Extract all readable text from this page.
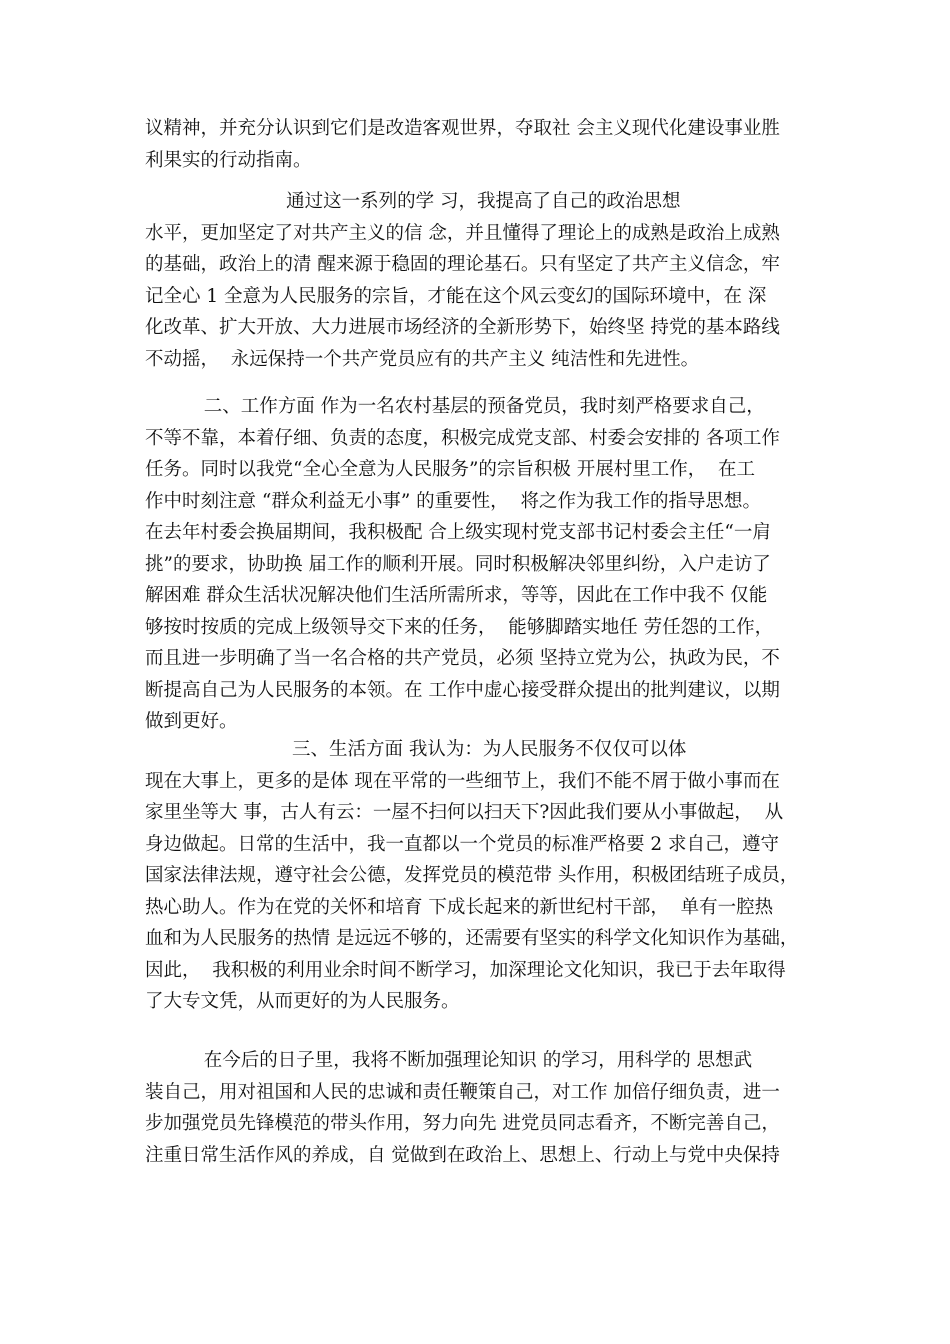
议精神，并充分认识到它们是改造客观世界，夺取社 会主义现代化建设事业胜
利果实的行动指南。
通过这一系列的学 习，我提高了自己的政治思想
水平，更加坚定了对共产主义的信 念，并且懂得了理论上的成熟是政治上成熟
的基础，政治上的清 醒来源于稳固的理论基石。只有坚定了共产主义信念，牢
记全心 1 全意为人民服务的宗旨，才能在这个风云变幻的国际环境中，在 深
化改革、扩大开放、大力进展市场经济的全新形势下，始终坚 持党的基本路线
不动摇，  永远保持一个共产党员应有的共产主义 纯洁性和先进性。
二、工作方面 作为一名农村基层的预备党员，我时刻严格要求自己，
不等不靠，本着仔细、负责的态度，积极完成党支部、村委会安排的 各项工作
任务。同时以我党“全心全意为人民服务”的宗旨积极 开展村里工作，  在工
作中时刻注意 “群众利益无小事” 的重要性，  将之作为我工作的指导思想。
在去年村委会换届期间，我积极配 合上级实现村党支部书记村委会主任“一肩
挑”的要求，协助换 届工作的顺利开展。同时积极解决邻里纠纷，入户走访了
解困难 群众生活状况解决他们生活所需所求，等等，因此在工作中我不 仅能
够按时按质的完成上级领导交下来的任务，  能够脚踏实地任 劳任怨的工作，
而且进一步明确了当一名合格的共产党员，必须 坚持立党为公，执政为民，不
断提高自己为人民服务的本领。在 工作中虚心接受群众提出的批判建议，以期
做到更好。
三、生活方面 我认为：为人民服务不仅仅可以体
现在大事上，更多的是体 现在平常的一些细节上，我们不能不屑于做小事而在
家里坐等大 事，古人有云：一屋不扫何以扫天下?因此我们要从小事做起，  从
身边做起。日常的生活中，我一直都以一个党员的标准严格要 2 求自己，遵守
国家法律法规，遵守社会公德，发挥党员的模范带 头作用，积极团结班子成员，
热心助人。作为在党的关怀和培育 下成长起来的新世纪村干部，  单有一腔热
血和为人民服务的热情 是远远不够的，还需要有坚实的科学文化知识作为基础，
因此，  我积极的利用业余时间不断学习，加深理论文化知识，我已于去年取得
了大专文凭，从而更好的为人民服务。
在今后的日子里，我将不断加强理论知识 的学习，用科学的 思想武
装自己，用对祖国和人民的忠诚和责任鞭策自己，对工作 加倍仔细负责，进一
步加强党员先锋模范的带头作用，努力向先 进党员同志看齐，不断完善自己，
注重日常生活作风的养成，自 觉做到在政治上、思想上、行动上与党中央保持
